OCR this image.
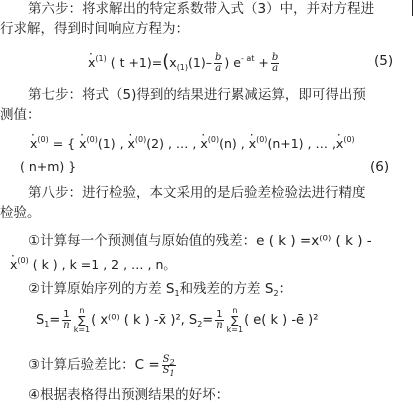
第六步：将求解出的特定系数带入式（3）中，并对方程进
行求解，得到时间响应方程为：
· $x^{(1)}$ ( $t +1)=(x_{(1)}(1)- \frac{b}{a}$ ) $e^{- at} + \frac{b}{a}$	(5)
第七步：将式（5)得到的结果进行累减运算，即可得出预
测值：
· $x^{(0)}$ = { · $x^{(0)}(1)$ , · $x^{(0)}(2)$ , … , · $x^{(0)}(n)$ , · $x^{(0)}(n+1)$ , … ,· $x^{(0)}$
( n+m) }	(6)
第八步：进行检验，本文采用的是后验差检验法进行精度
检验。
①计算每一个预测值与原始值的残差：e ( k ) =x⁽⁰⁾ ( k ) -
· $x^{(0)}$ ( k ) , k =1 , 2 , … , n。
②计算原始序列的方差 $S_1$和残差的方差 $S_2$：
$S_1= \frac{1}{n}$ n
∑
k=1( x⁽⁰⁾ ( k ) -x̄ )², $S_2= \frac{1}{n}$ n
∑
k=1( e( k ) -ē )²
③计算后验差比：$C = \frac{S_2}{S_1}$
④根据表格得出预测结果的好坏：
